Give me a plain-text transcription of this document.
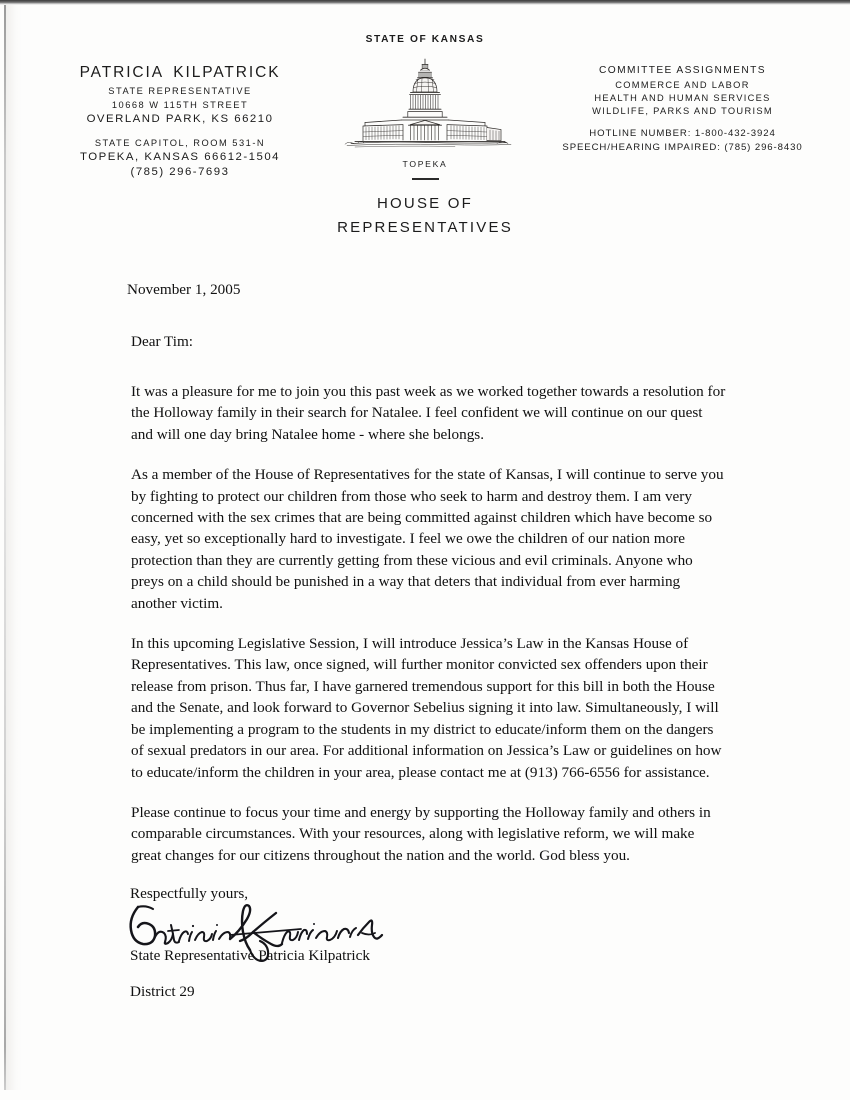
PATRICIA KILPATRICK
STATE REPRESENTATIVE
10668 W 115TH STREET
OVERLAND PARK, KS 66210
STATE CAPITOL, ROOM 531-N
TOPEKA, KANSAS 66612-1504
(785) 296-7693
STATE OF KANSAS
TOPEKA
HOUSE OF
REPRESENTATIVES
COMMITTEE ASSIGNMENTS
COMMERCE AND LABOR
HEALTH AND HUMAN SERVICES
WILDLIFE, PARKS AND TOURISM
HOTLINE NUMBER: 1-800-432-3924
SPEECH/HEARING IMPAIRED: (785) 296-8430
November 1, 2005
Dear Tim:

It was a pleasure for me to join you this past week as we worked together towards a resolution for the Holloway family in their search for Natalee. I feel confident we will continue on our quest and will one day bring Natalee home - where she belongs.

As a member of the House of Representatives for the state of Kansas, I will continue to serve you by fighting to protect our children from those who seek to harm and destroy them. I am very concerned with the sex crimes that are being committed against children which have become so easy, yet so exceptionally hard to investigate. I feel we owe the children of our nation more protection than they are currently getting from these vicious and evil criminals. Anyone who preys on a child should be punished in a way that deters that individual from ever harming another victim.

In this upcoming Legislative Session, I will introduce Jessica’s Law in the Kansas House of Representatives. This law, once signed, will further monitor convicted sex offenders upon their release from prison. Thus far, I have garnered tremendous support for this bill in both the House and the Senate, and look forward to Governor Sebelius signing it into law. Simultaneously, I will be implementing a program to the students in my district to educate/inform them on the dangers of sexual predators in our area. For additional information on Jessica’s Law or guidelines on how to educate/inform the children in your area, please contact me at (913) 766-6556 for assistance.

Please continue to focus your time and energy by supporting the Holloway family and others in comparable circumstances. With your resources, along with legislative reform, we will make great changes for our citizens throughout the nation and the world. God bless you.

Respectfully yours,
State Representative Patricia Kilpatrick
District 29
